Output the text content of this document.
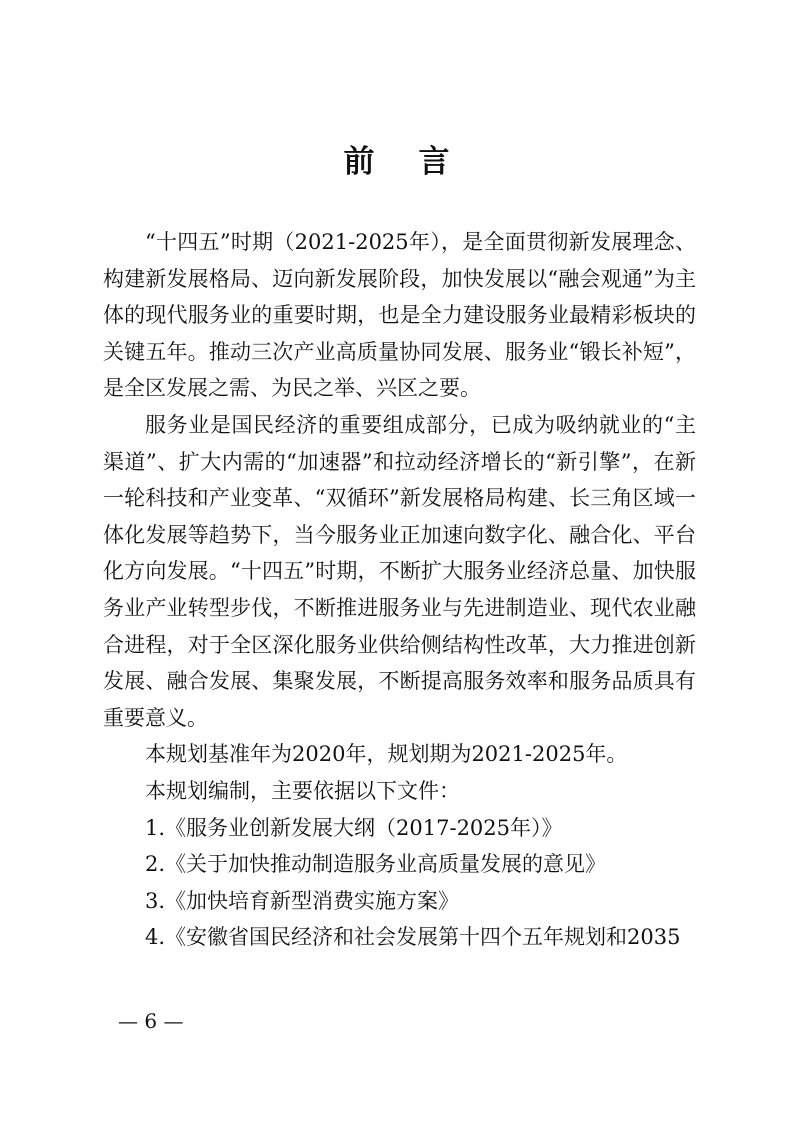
前言

“十四五”时期（2021-2025年），是全面贯彻新发展理念、构建新发展格局、迈向新发展阶段，加快发展以“融会观通”为主体的现代服务业的重要时期，也是全力建设服务业最精彩板块的关键五年。推动三次产业高质量协同发展、服务业“锻长补短”，是全区发展之需、为民之举、兴区之要。

服务业是国民经济的重要组成部分，已成为吸纳就业的“主渠道”、扩大内需的“加速器”和拉动经济增长的“新引擎”，在新一轮科技和产业变革、“双循环”新发展格局构建、长三角区域一体化发展等趋势下，当今服务业正加速向数字化、融合化、平台化方向发展。“十四五”时期，不断扩大服务业经济总量、加快服务业产业转型步伐，不断推进服务业与先进制造业、现代农业融合进程，对于全区深化服务业供给侧结构性改革，大力推进创新发展、融合发展、集聚发展，不断提高服务效率和服务品质具有重要意义。

本规划基准年为2020年，规划期为2021-2025年。

本规划编制，主要依据以下文件：

1.《服务业创新发展大纲（2017-2025年）》

2.《关于加快推动制造服务业高质量发展的意见》

3.《加快培育新型消费实施方案》

4.《安徽省国民经济和社会发展第十四个五年规划和2035

— 6 —
